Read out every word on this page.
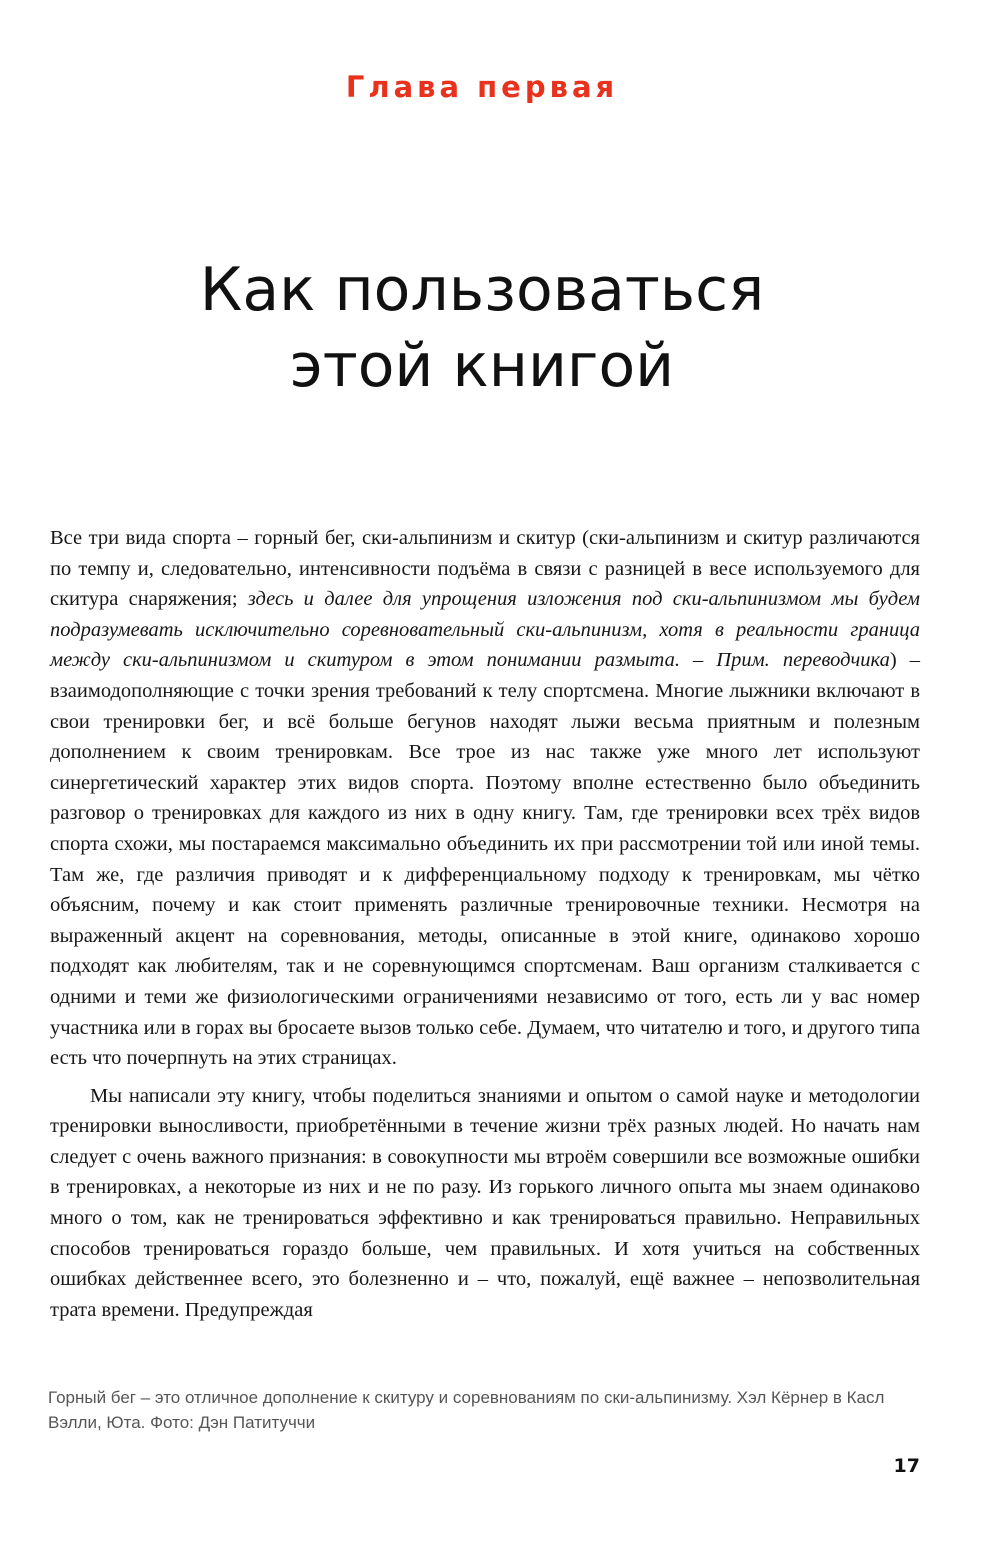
Глава первая
Как пользоваться
этой книгой

Все три вида спорта – горный бег, ски-альпинизм и скитур (ски-альпинизм и скитур различаются по темпу и, следовательно, интенсивности подъёма в связи с разницей в весе используемого для скитура снаряжения; здесь и далее для упрощения изложения под ски-альпинизмом мы будем подразумевать исключительно соревновательный ски-альпинизм, хотя в реальности граница между ски-альпинизмом и скитуром в этом понимании размыта. – Прим. переводчика) – взаимодополняющие с точки зрения требований к телу спортсмена. Многие лыжники включают в свои тренировки бег, и всё больше бегунов находят лыжи весьма приятным и полезным дополнением к своим тренировкам. Все трое из нас также уже много лет используют синергетический характер этих видов спорта. Поэтому вполне естественно было объединить разговор о тренировках для каждого из них в одну книгу. Там, где тренировки всех трёх видов спорта схожи, мы постараемся максимально объединить их при рассмотрении той или иной темы. Там же, где различия приводят и к дифференциальному подходу к тренировкам, мы чётко объясним, почему и как стоит применять различные тренировочные техники. Несмотря на выраженный акцент на соревнования, методы, описанные в этой книге, одинаково хорошо подходят как любителям, так и не соревнующимся спортсменам. Ваш организм сталкивается с одними и теми же физиологическими ограничениями независимо от того, есть ли у вас номер участника или в горах вы бросаете вызов только себе. Думаем, что читателю и того, и другого типа есть что почерпнуть на этих страницах.

Мы написали эту книгу, чтобы поделиться знаниями и опытом о самой науке и методологии тренировки выносливости, приобретёнными в течение жизни трёх разных людей. Но начать нам следует с очень важного признания: в совокупности мы втроём совершили все возможные ошибки в тренировках, а некоторые из них и не по разу. Из горького личного опыта мы знаем одинаково много о том, как не тренироваться эффективно и как тренироваться правильно. Неправильных способов тренироваться гораздо больше, чем правильных. И хотя учиться на собственных ошибках действеннее всего, это болезненно и – что, пожалуй, ещё важнее – непозволительная трата времени. Предупреждая

Горный бег – это отличное дополнение к скитуру и соревнованиям по ски-альпинизму. Хэл Кёрнер в Касл Вэлли, Юта. Фото: Дэн Патитуччи
17
